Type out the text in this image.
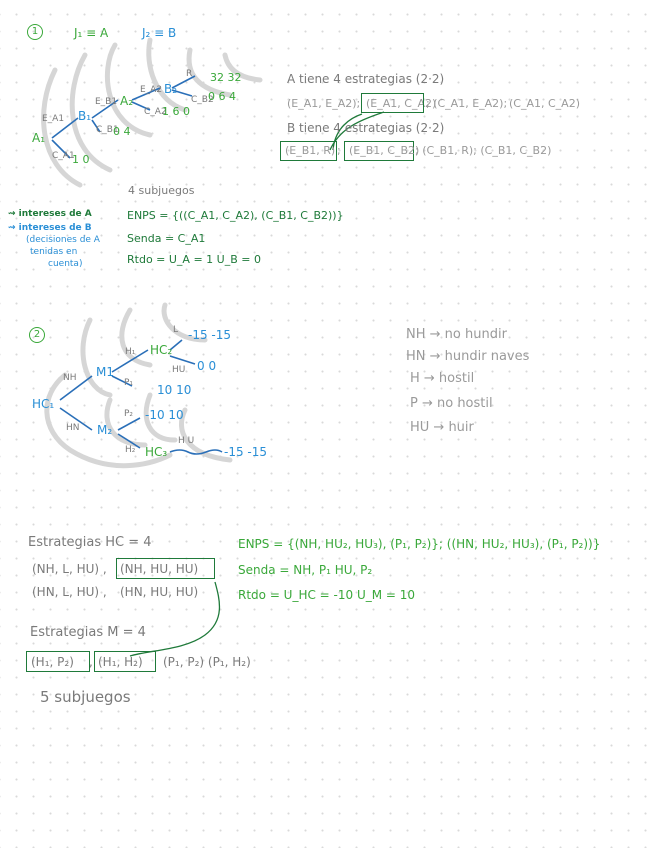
1	J₁ ≡ A	J₂ ≡ B
A₁
B₁
A₂
B₂
E_A1
C_A1
E_B1
C_B1
E_A2
C_A2
R
C_B2
1 0
0 4
1 6 0
0 6 4
32 32
4 subjuegos
A tiene 4 estrategias (2·2)
(E_A1, E_A2); (E_A1, C_A2)
; (C_A1, E_A2); (C_A1, C_A2)
B tiene 4 estrategias (2·2)
(E_B1, R) ; (E_B1, C_B2)
; (C_B1, R); (C_B1, C_B2)
⇝ intereses de A
⇝ intereses de B
(decisiones de A
tenidas en
cuenta)
ENPS = {((C_A1, C_A2), (C_B1, C_B2))}
Senda = C_A1
Rtdo = U_A = 1 U_B = 0
2
HC₁
M1
M₂
HC₂
HC₃
NH
HN
H₁
P₁
P₂
H₂
L
HU
H U
-15 -15
0 0
10 10
-10 10
-15 -15
NH → no hundir
HN → hundir naves
H → hostil
P → no hostil
HU → huir
Estrategias HC = 4
(NH, L, HU) , (NH, HU, HU)
(HN, L, HU) , (HN, HU, HU)
Estrategias M = 4
(H₁, P₂) , (H₁, H₂) (P₁, P₂) (P₁, H₂)
5 subjuegos
ENPS = {(NH, HU₂, HU₃), (P₁, P₂)}; ((HN, HU₂, HU₃), (P₁, P₂))}
Senda = NH, P₁ HU, P₂
Rtdo = U_HC = -10 U_M = 10
